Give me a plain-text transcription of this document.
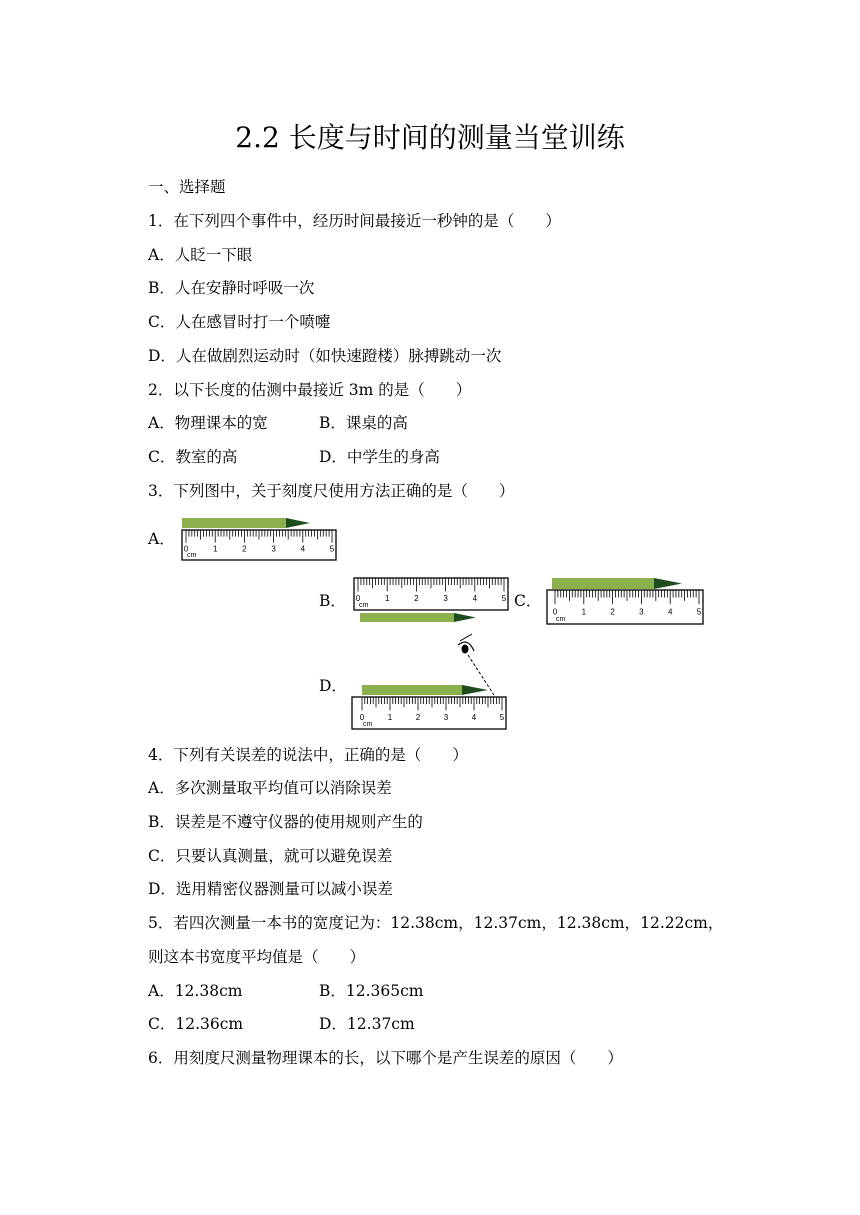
2.2 长度与时间的测量当堂训练
一、选择题
1．在下列四个事件中，经历时间最接近一秒钟的是（　　）
A．人眨一下眼
B．人在安静时呼吸一次
C．人在感冒时打一个喷嚏
D．人在做剧烈运动时（如快速蹬楼）脉搏跳动一次
2．以下长度的估测中最接近 3m 的是（　　）
A．物理课本的宽	B．课桌的高
C．教室的高	D．中学生的身高
3．下列图中，关于刻度尺使用方法正确的是（　　）
A．
B．	C．
D．
0	1	2	3	4	5
cm
0	1	2	3	4	5
cm
0	1	2	3	4	5
cm
0	1	2	3	4	5
cm
4．下列有关误差的说法中，正确的是（　　）
A．多次测量取平均值可以消除误差
B．误差是不遵守仪器的使用规则产生的
C．只要认真测量，就可以避免误差
D．选用精密仪器测量可以减小误差
5．若四次测量一本书的宽度记为：12.38cm，12.37cm，12.38cm，12.22cm，
则这本书宽度平均值是（　　）
A．12.38cm	B．12.365cm
C．12.36cm	D．12.37cm
6．用刻度尺测量物理课本的长，以下哪个是产生误差的原因（　　）
